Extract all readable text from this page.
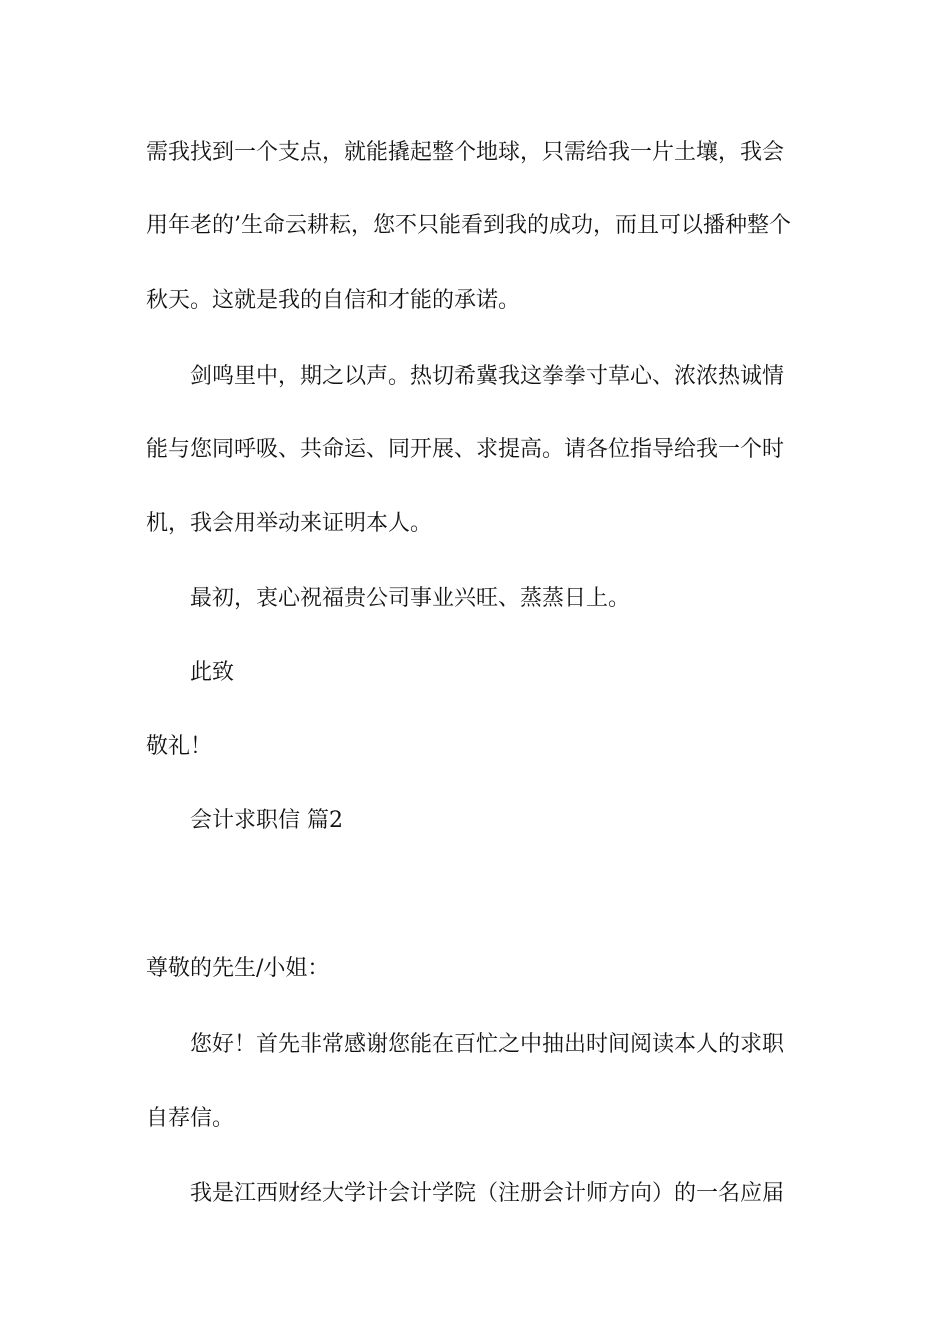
需我找到一个支点，就能撬起整个地球，只需给我一片土壤，我会
用年老的’生命云耕耘，您不只能看到我的成功，而且可以播种整个
秋天。这就是我的自信和才能的承诺。
剑鸣里中，期之以声。热切希冀我这拳拳寸草心、浓浓热诚情
能与您同呼吸、共命运、同开展、求提高。请各位指导给我一个时
机，我会用举动来证明本人。
最初，衷心祝福贵公司事业兴旺、蒸蒸日上。
此致
敬礼！
会计求职信 篇2
尊敬的先生/小姐：
您好！首先非常感谢您能在百忙之中抽出时间阅读本人的求职
自荐信。
我是江西财经大学计会计学院（注册会计师方向）的一名应届
